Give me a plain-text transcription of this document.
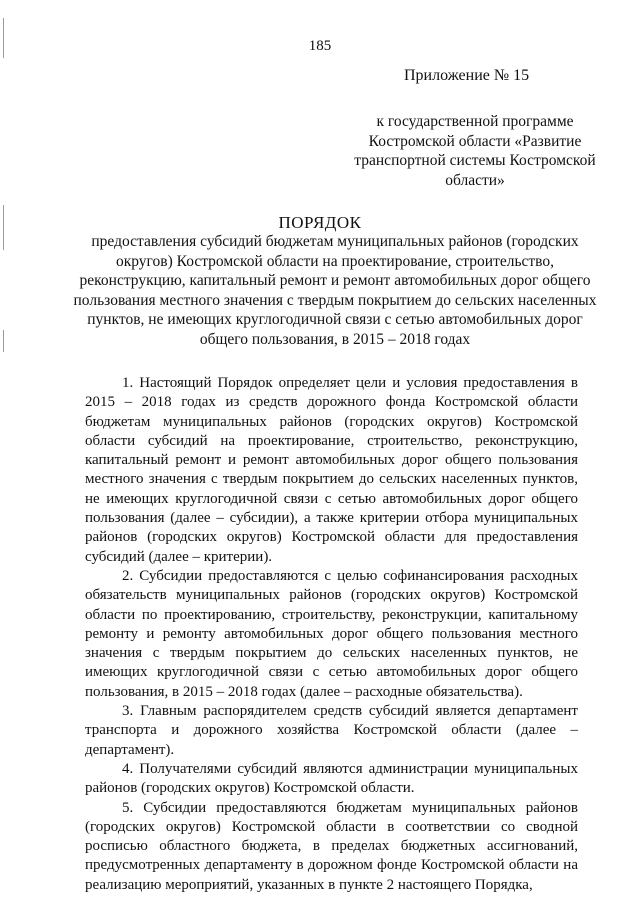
185
Приложение № 15
к государственной программе Костромской области «Развитие транспортной системы Костромской области»
ПОРЯДОК
предоставления субсидий бюджетам муниципальных районов (городских округов) Костромской области на проектирование, строительство, реконструкцию, капитальный ремонт и ремонт автомобильных дорог общего пользования местного значения с твердым покрытием до сельских населенных пунктов, не имеющих круглогодичной связи с сетью автомобильных дорог общего пользования, в 2015 – 2018 годах

1. Настоящий Порядок определяет цели и условия предоставления в 2015 – 2018 годах из средств дорожного фонда Костромской области бюджетам муниципальных районов (городских округов) Костромской области субсидий на проектирование, строительство, реконструкцию, капитальный ремонт и ремонт автомобильных дорог общего пользования местного значения с твердым покрытием до сельских населенных пунктов, не имеющих круглогодичной связи с сетью автомобильных дорог общего пользования (далее – субсидии), а также критерии отбора муниципальных районов (городских округов) Костромской области для предоставления субсидий (далее – критерии).

2. Субсидии предоставляются с целью софинансирования расходных обязательств муниципальных районов (городских округов) Костромской области по проектированию, строительству, реконструкции, капитальному ремонту и ремонту автомобильных дорог общего пользования местного значения с твердым покрытием до сельских населенных пунктов, не имеющих круглогодичной связи с сетью автомобильных дорог общего пользования, в 2015 – 2018 годах (далее – расходные обязательства).

3. Главным распорядителем средств субсидий является департамент транспорта и дорожного хозяйства Костромской области (далее – департамент).

4. Получателями субсидий являются администрации муниципальных районов (городских округов) Костромской области.

5. Субсидии предоставляются бюджетам муниципальных районов (городских округов) Костромской области в соответствии со сводной росписью областного бюджета, в пределах бюджетных ассигнований, предусмотренных департаменту в дорожном фонде Костромской области на реализацию мероприятий, указанных в пункте 2 настоящего Порядка,
